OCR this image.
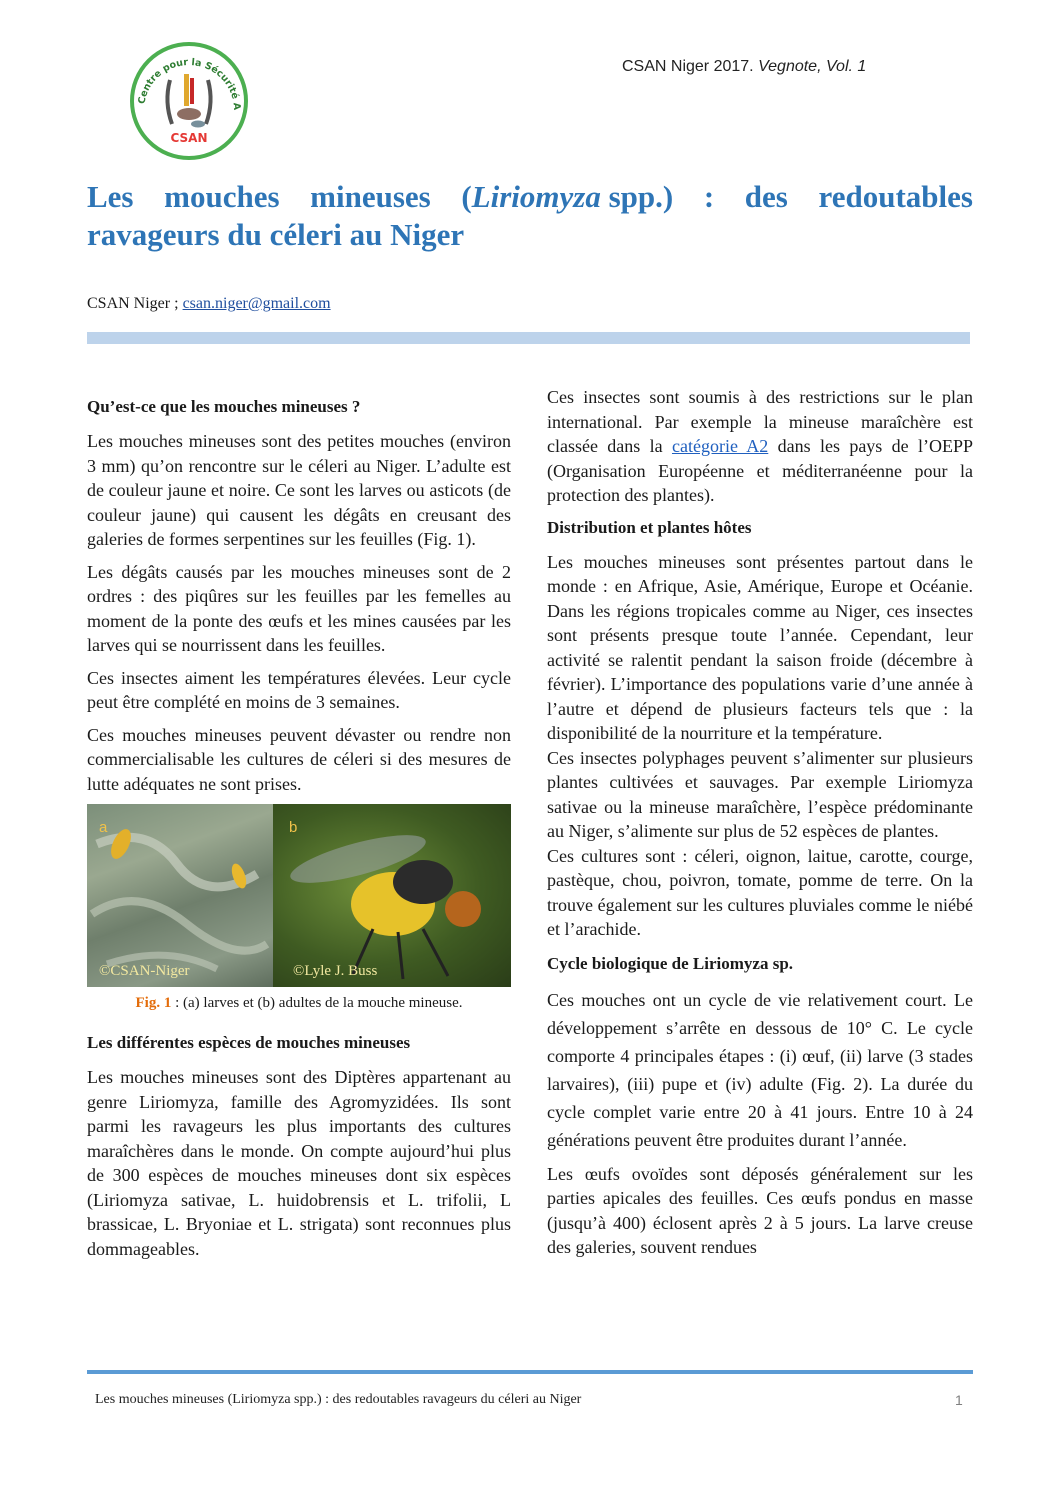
Centre pour la Sécurité A
CSAN
CSAN Niger 2017. Vegnote, Vol. 1
Les mouches mineuses (Liriomyza spp.) : des redoutables
ravageurs du céleri au Niger
CSAN Niger ; csan.niger@gmail.com
Qu’est-ce que les mouches mineuses ?

Les mouches mineuses sont des petites mouches (environ 3 mm) qu’on rencontre sur le céleri au Niger. L’adulte est de couleur jaune et noire. Ce sont les larves ou asticots (de couleur jaune) qui causent les dégâts en creusant des galeries de formes serpentines sur les feuilles (Fig. 1).

Les dégâts causés par les mouches mineuses sont de 2 ordres : des piqûres sur les feuilles par les femelles au moment de la ponte des œufs et les mines causées par les larves qui se nourrissent dans les feuilles.

Ces insectes aiment les températures élevées. Leur cycle peut être complété en moins de 3 semaines.

Ces mouches mineuses peuvent dévaster ou rendre non commercialisable les cultures de céleri si des mesures de lutte adéquates ne sont prises.

a
©CSAN-Niger
b
©Lyle J. Buss

Fig. 1 : (a) larves et (b) adultes de la mouche mineuse.

Les différentes espèces de mouches mineuses

Les mouches mineuses sont des Diptères appartenant au genre Liriomyza, famille des Agromyzidées. Ils sont parmi les ravageurs les plus importants des cultures maraîchères dans le monde. On compte aujourd’hui plus de 300 espèces de mouches mineuses dont six espèces (Liriomyza sativae, L. huidobrensis et L. trifolii, L brassicae, L. Bryoniae et L. strigata) sont reconnues plus dommageables.

Ces insectes sont soumis à des restrictions sur le plan international. Par exemple la mineuse maraîchère est classée dans la catégorie A2 dans les pays de l’OEPP (Organisation Européenne et méditerranéenne pour la protection des plantes).

Distribution et plantes hôtes

Les mouches mineuses sont présentes partout dans le monde : en Afrique, Asie, Amérique, Europe et Océanie. Dans les régions tropicales comme au Niger, ces insectes sont présents presque toute l’année. Cependant, leur activité se ralentit pendant la saison froide (décembre à février). L’importance des populations varie d’une année à l’autre et dépend de plusieurs facteurs tels que : la disponibilité de la nourriture et la température.

Ces insectes polyphages peuvent s’alimenter sur plusieurs plantes cultivées et sauvages. Par exemple Liriomyza sativae ou la mineuse maraîchère, l’espèce prédominante au Niger, s’alimente sur plus de 52 espèces de plantes.

Ces cultures sont : céleri, oignon, laitue, carotte, courge, pastèque, chou, poivron, tomate, pomme de terre. On la trouve également sur les cultures pluviales comme le niébé et l’arachide.

Cycle biologique de Liriomyza sp.

Ces mouches ont un cycle de vie relativement court. Le développement s’arrête en dessous de 10° C. Le cycle comporte 4 principales étapes : (i) œuf, (ii) larve (3 stades larvaires), (iii) pupe et (iv) adulte (Fig. 2). La durée du cycle complet varie entre 20 à 41 jours. Entre 10 à 24 générations peuvent être produites durant l’année.

Les œufs ovoïdes sont déposés généralement sur les parties apicales des feuilles. Ces œufs pondus en masse (jusqu’à 400) éclosent après 2 à 5 jours. La larve creuse des galeries, souvent rendues

Les mouches mineuses (Liriomyza spp.) : des redoutables ravageurs du céleri au Niger	1
